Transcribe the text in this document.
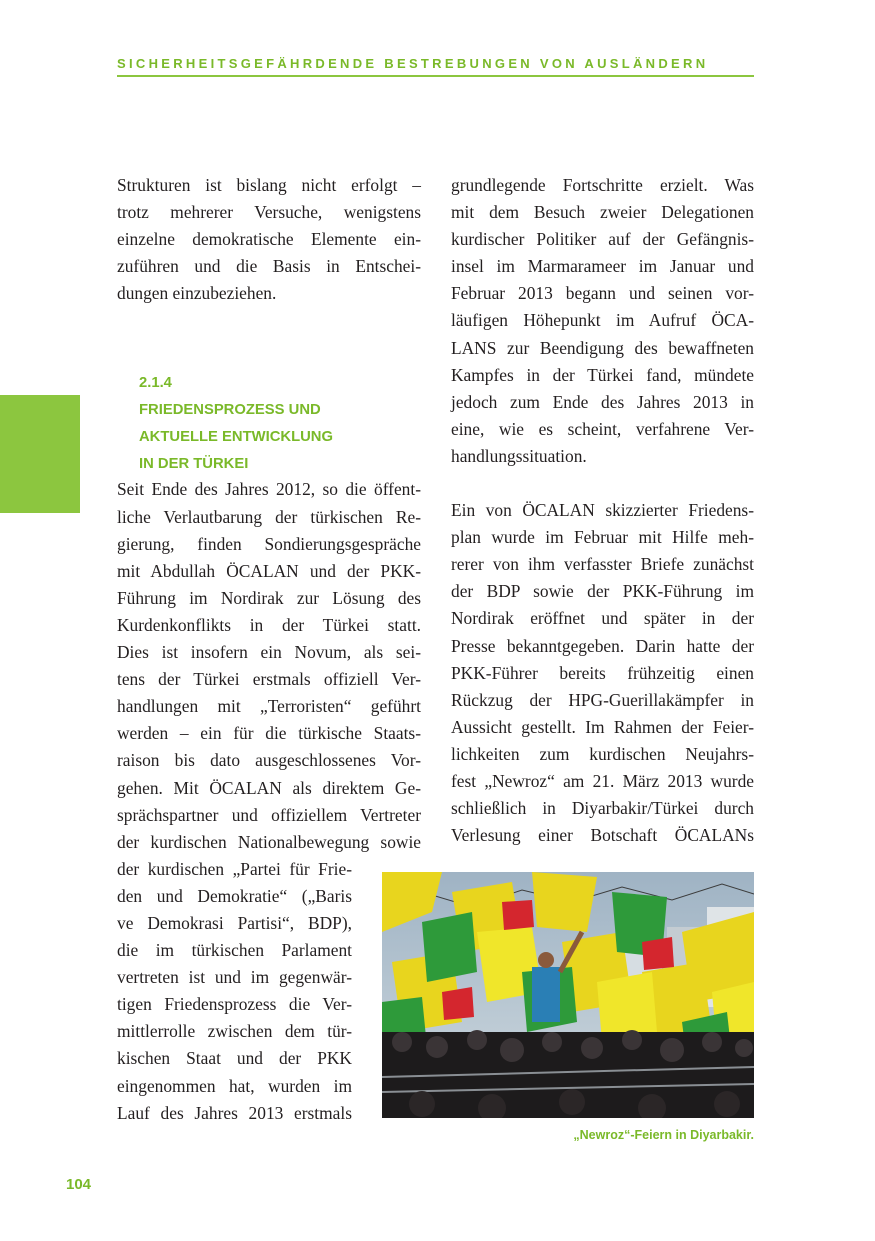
SICHERHEITSGEFÄHRDENDE BESTREBUNGEN VON AUSLÄNDERN

Strukturen ist bislang nicht erfolgt –

trotz mehrerer Versuche, wenigstens

einzelne demokratische Elemente ein-

zuführen und die Basis in Entschei-

dungen einzubeziehen.

2.1.4
FRIEDENSPROZESS UND
AKTUELLE ENTWICKLUNG
IN DER TÜRKEI

Seit Ende des Jahres 2012, so die öffent-

liche Verlautbarung der türkischen Re-

gierung, finden Sondierungsgespräche

mit Abdullah ÖCALAN und der PKK-

Führung im Nordirak zur Lösung des

Kurdenkonflikts in der Türkei statt.

Dies ist insofern ein Novum, als sei-

tens der Türkei erstmals offiziell Ver-

handlungen mit „Terroristen“ geführt

werden – ein für die türkische Staats-

raison bis dato ausgeschlossenes Vor-

gehen. Mit ÖCALAN als direktem Ge-

sprächspartner und offiziellem Vertreter

der kurdischen Nationalbewegung sowie

der kurdischen „Partei für Frie-

den und Demokratie“ („Baris

ve Demokrasi Partisi“, BDP),

die im türkischen Parlament

vertreten ist und im gegenwär-

tigen Friedensprozess die Ver-

mittlerrolle zwischen dem tür-

kischen Staat und der PKK

eingenommen hat, wurden im

Lauf des Jahres 2013 erstmals

grundlegende Fortschritte erzielt. Was

mit dem Besuch zweier Delegationen

kurdischer Politiker auf der Gefängnis-

insel im Marmarameer im Januar und

Februar 2013 begann und seinen vor-

läufigen Höhepunkt im Aufruf ÖCA-

LANS zur Beendigung des bewaffneten

Kampfes in der Türkei fand, mündete

jedoch zum Ende des Jahres 2013 in

eine, wie es scheint, verfahrene Ver-

handlungssituation.

Ein von ÖCALAN skizzierter Friedens-

plan wurde im Februar mit Hilfe meh-

rerer von ihm verfasster Briefe zunächst

der BDP sowie der PKK-Führung im

Nordirak eröffnet und später in der

Presse bekanntgegeben. Darin hatte der

PKK-Führer bereits frühzeitig einen

Rückzug der HPG-Guerillakämpfer in

Aussicht gestellt. Im Rahmen der Feier-

lichkeiten zum kurdischen Neujahrs-

fest „Newroz“ am 21. März 2013 wurde

schließlich in Diyarbakir/Türkei durch

Verlesung einer Botschaft ÖCALANs

„Newroz“-Feiern in Diyarbakir.
104
